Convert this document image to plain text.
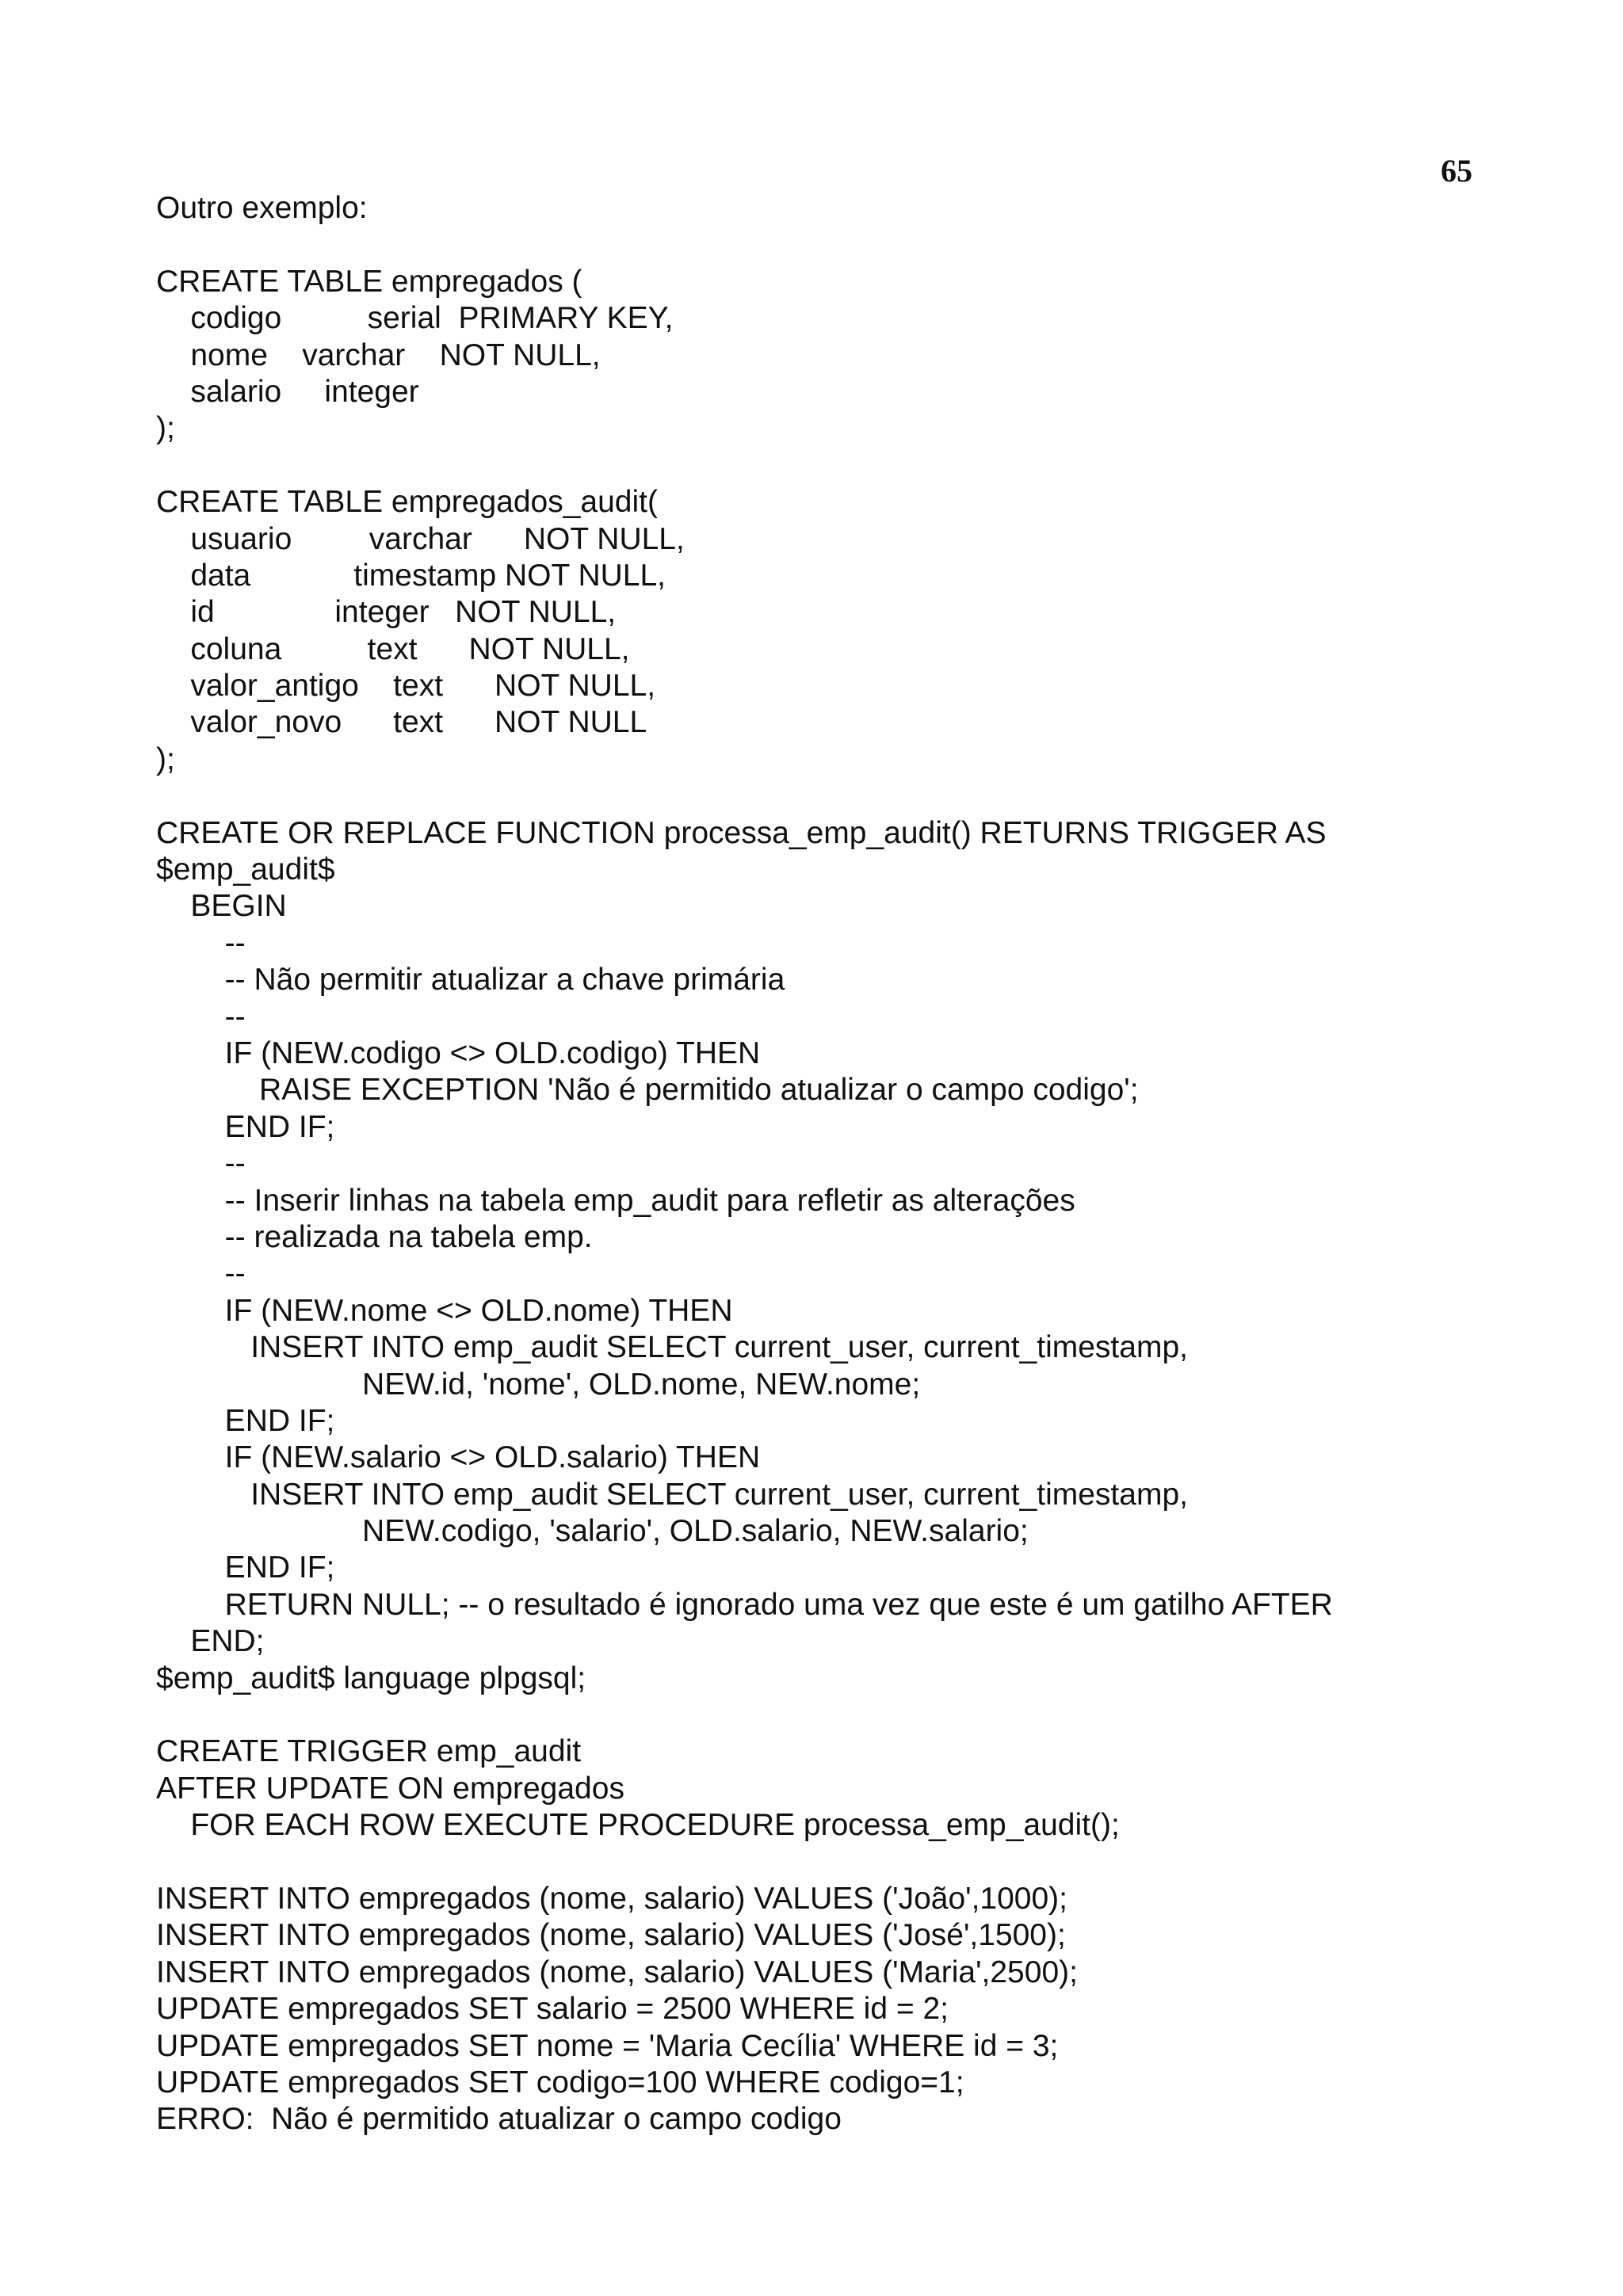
65
Outro exemplo:
CREATE TABLE empregados (
codigo          serial  PRIMARY KEY,
nome    varchar    NOT NULL,
salario     integer
);
CREATE TABLE empregados_audit(
usuario         varchar      NOT NULL,
data            timestamp NOT NULL,
id              integer   NOT NULL,
coluna          text      NOT NULL,
valor_antigo    text      NOT NULL,
valor_novo      text      NOT NULL
);
CREATE OR REPLACE FUNCTION processa_emp_audit() RETURNS TRIGGER AS
$emp_audit$
BEGIN
--
-- Não permitir atualizar a chave primária
--
IF (NEW.codigo <> OLD.codigo) THEN
RAISE EXCEPTION 'Não é permitido atualizar o campo codigo';
END IF;
--
-- Inserir linhas na tabela emp_audit para refletir as alterações
-- realizada na tabela emp.
--
IF (NEW.nome <> OLD.nome) THEN
INSERT INTO emp_audit SELECT current_user, current_timestamp,
NEW.id, 'nome', OLD.nome, NEW.nome;
END IF;
IF (NEW.salario <> OLD.salario) THEN
INSERT INTO emp_audit SELECT current_user, current_timestamp,
NEW.codigo, 'salario', OLD.salario, NEW.salario;
END IF;
RETURN NULL; -- o resultado é ignorado uma vez que este é um gatilho AFTER
END;
$emp_audit$ language plpgsql;
CREATE TRIGGER emp_audit
AFTER UPDATE ON empregados
FOR EACH ROW EXECUTE PROCEDURE processa_emp_audit();
INSERT INTO empregados (nome, salario) VALUES ('João',1000);
INSERT INTO empregados (nome, salario) VALUES ('José',1500);
INSERT INTO empregados (nome, salario) VALUES ('Maria',2500);
UPDATE empregados SET salario = 2500 WHERE id = 2;
UPDATE empregados SET nome = 'Maria Cecília' WHERE id = 3;
UPDATE empregados SET codigo=100 WHERE codigo=1;
ERRO:  Não é permitido atualizar o campo codigo
